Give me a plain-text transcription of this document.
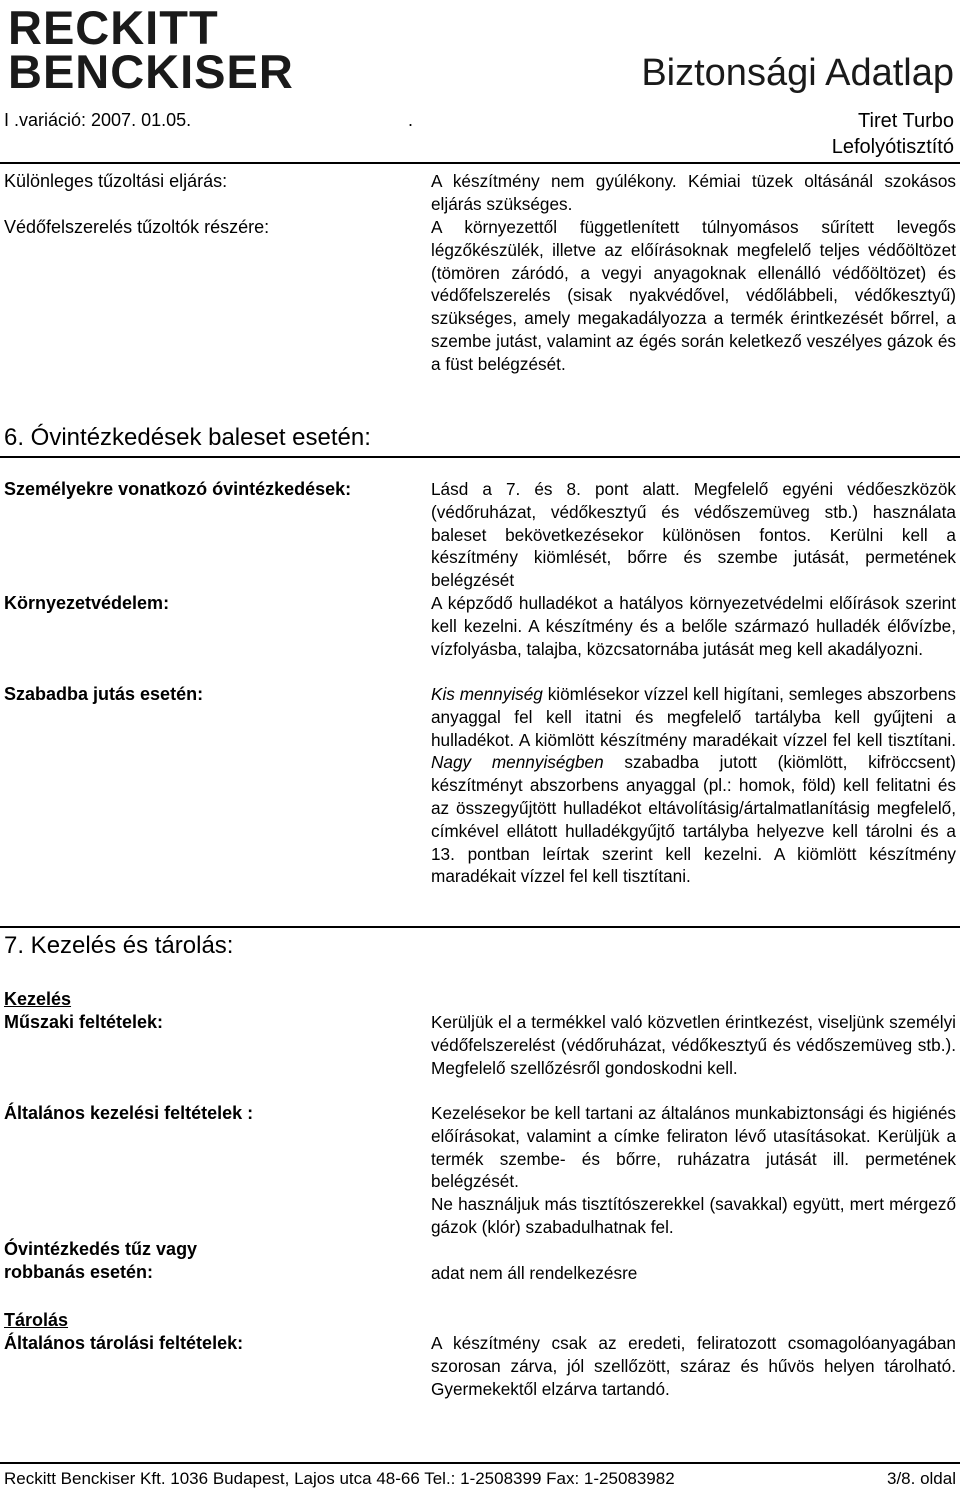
RECKITT
BENCKISER	Biztonsági Adatlap
I .variáció: 2007. 01.05.	.	Tiret Turbo
Lefolyótisztító
Különleges tűzoltási eljárás:	A készítmény nem gyúlékony. Kémiai tüzek oltásánál szokásos eljárás szükséges.
Védőfelszerelés tűzoltók részére:	A környezettől függetlenített túlnyomásos sűrített levegős légzőkészülék, illetve az előírásoknak megfelelő teljes védőöltözet (tömören záródó, a vegyi anyagoknak ellenálló védőöltözet) és védőfelszerelés (sisak nyakvédővel, védőlábbeli, védőkesztyű) szükséges, amely megakadályozza a termék érintkezését bőrrel, a szembe jutást, valamint az égés során keletkező veszélyes gázok és a füst belégzését.
6. Óvintézkedések baleset esetén:
Személyekre vonatkozó óvintézkedések:	Lásd a 7. és 8. pont alatt. Megfelelő egyéni védőeszközök (védőruházat, védőkesztyű és védőszemüveg stb.) használata baleset bekövetkezésekor különösen fontos. Kerülni kell a készítmény kiömlését, bőrre és szembe jutását, permetének belégzését
Környezetvédelem:	A képződő hulladékot a hatályos környezetvédelmi előírások szerint kell kezelni. A készítmény és a belőle származó hulladék élővízbe, vízfolyásba, talajba, közcsatornába jutását meg kell akadályozni.
Szabadba jutás esetén:	Kis mennyiség kiömlésekor vízzel kell higítani, semleges abszorbens anyaggal fel kell itatni és megfelelő tartályba kell gyűjteni a hulladékot. A kiömlött készítmény maradékait vízzel fel kell tisztítani. Nagy mennyiségben szabadba jutott (kiömlött, kifröccsent) készítményt abszorbens anyaggal (pl.: homok, föld) kell felitatni és az összegyűjtött hulladékot eltávolításig/ártalmatlanításig megfelelő, címkével ellátott hulladékgyűjtő tartályba helyezve kell tárolni és a 13. pontban leírtak szerint kell kezelni. A kiömlött készítmény maradékait vízzel fel kell tisztítani.
7. Kezelés és tárolás:
Kezelés
Műszaki feltételek:	Kerüljük el a termékkel való közvetlen érintkezést, viseljünk személyi védőfelszerelést (védőruházat, védőkesztyű és védőszemüveg stb.). Megfelelő szellőzésről gondoskodni kell.
Általános kezelési feltételek :	Kezelésekor be kell tartani az általános munkabiztonsági és higiénés előírásokat, valamint a címke feliraton lévő utasításokat. Kerüljük a termék szembe- és bőrre, ruházatra jutását ill. permetének belégzését.
Ne használjuk más tisztítószerekkel (savakkal) együtt, mert mérgező gázok (klór) szabadulhatnak fel.
Óvintézkedés tűz vagy
robbanás esetén:	adat nem áll rendelkezésre
Tárolás
Általános tárolási feltételek:	A készítmény csak az eredeti, feliratozott csomagolóanyagában szorosan zárva, jól szellőzött, száraz és hűvös helyen tárolható. Gyermekektől elzárva tartandó.
Reckitt Benckiser Kft. 1036 Budapest, Lajos utca 48-66 Tel.: 1-2508399 Fax: 1-25083982	3/8. oldal
